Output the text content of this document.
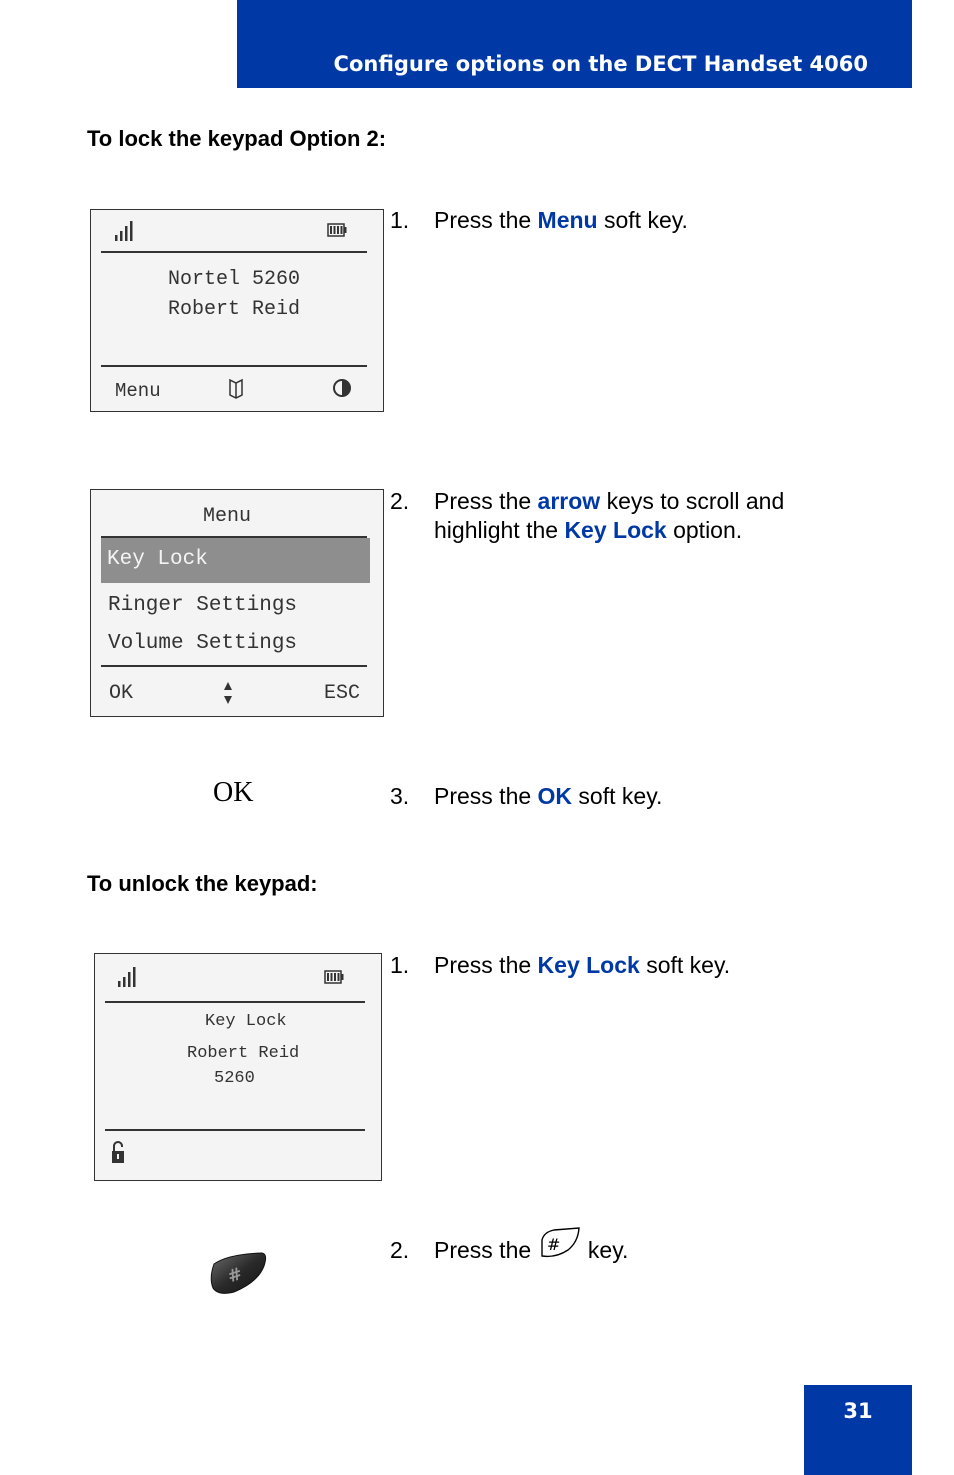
Configure options on the DECT Handset 4060
To lock the keypad Option 2:
Nortel 5260
Robert Reid
Menu
1. Press the Menu soft key.
Menu
Key Lock
Ringer Settings
Volume Settings
OK	ESC
2. Press the arrow keys to scroll and
highlight the Key Lock option.
OK	3. Press the OK soft key.
To unlock the keypad:
Key Lock
Robert Reid
5260
1. Press the Key Lock soft key.
#
2. Press the # key.
31
